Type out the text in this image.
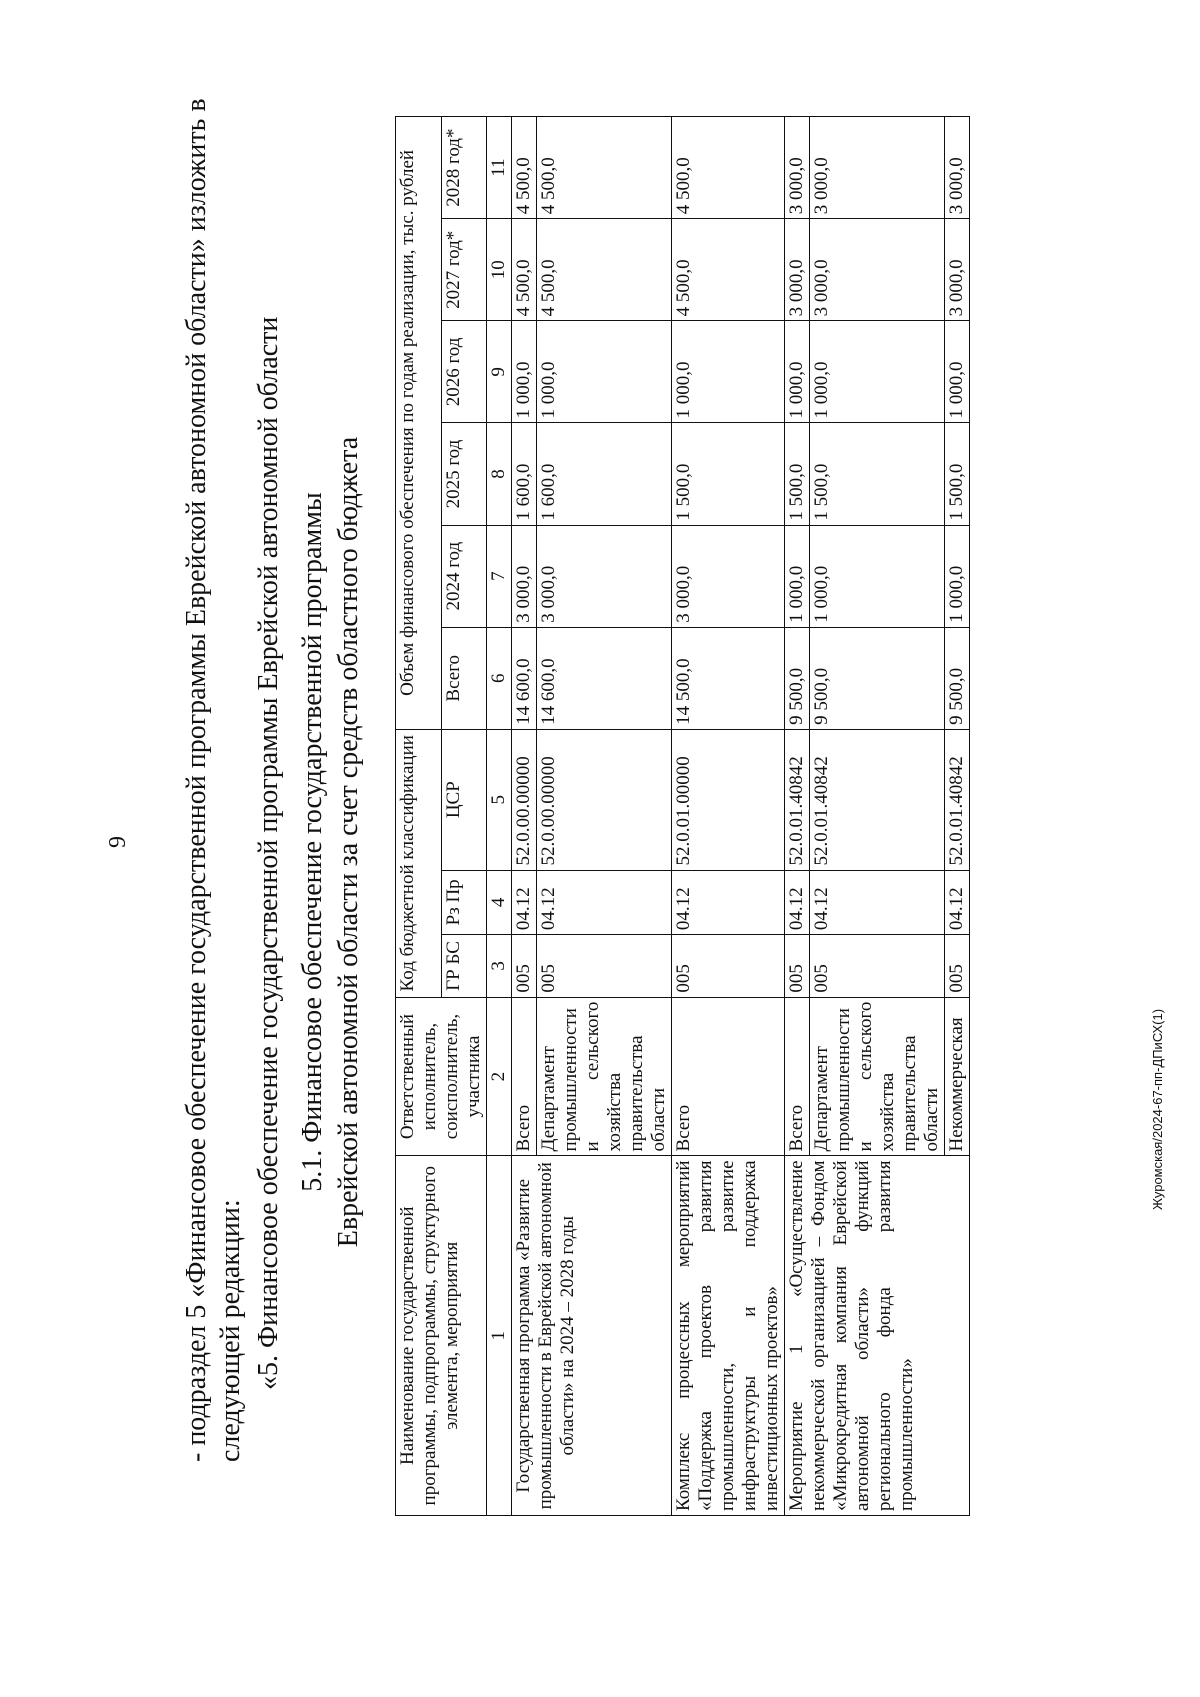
9
Журомская/2024-67-пп-ДПиСХ(1)
- подраздел 5 «Финансовое обеспечение государственной программы Еврейской автономной области» изложить в следующей редакции: «5. Финансовое обеспечение государственной программы Еврейской автономной области 5.1. Финансовое обеспечение государственной программы Еврейской автономной области за счет средств областного бюджета
Наименование государственной программы, подпрограммы, структурного элемента, мероприятия	Ответственный исполнитель, соисполнитель, участника	Код бюджетной классификации			Объем финансового обеспечения по годам реализации, тыс. рублей					
		ГР БС	Рз Пр	ЦСР	Всего	2024 год	2025 год	2026 год	2027 год*	2028 год*
1	2	3	4	5	6	7	8	9	10	11
Государственная программа «Развитие промышленности в Еврейской автономной области» на 2024 – 2028 годы	Всего	005	04.12	52.0.00.00000	14 600,0	3 000,0	1 600,0	1 000,0	4 500,0	4 500,0
	Департамент промышленности и сельского хозяйства правительства области	005	04.12	52.0.00.00000	14 600,0	3 000,0	1 600,0	1 000,0	4 500,0	4 500,0
Комплекс процессных мероприятий «Поддержка проектов развития промышленности, развитие инфраструктуры и поддержка инвестиционных проектов»	Всего	005	04.12	52.0.01.00000	14 500,0	3 000,0	1 500,0	1 000,0	4 500,0	4 500,0
Мероприятие 1 «Осуществление некоммерческой организацией – Фондом «Микрокредитная компания Еврейской автономной области» функций регионального фонда развития промышленности»	Всего	005	04.12	52.0.01.40842	9 500,0	1 000,0	1 500,0	1 000,0	3 000,0	3 000,0
	Департамент промышленности и сельского хозяйства правительства области	005	04.12	52.0.01.40842	9 500,0	1 000,0	1 500,0	1 000,0	3 000,0	3 000,0
	Некоммерческая	005	04.12	52.0.01.40842	9 500,0	1 000,0	1 500,0	1 000,0	3 000,0	3 000,0
